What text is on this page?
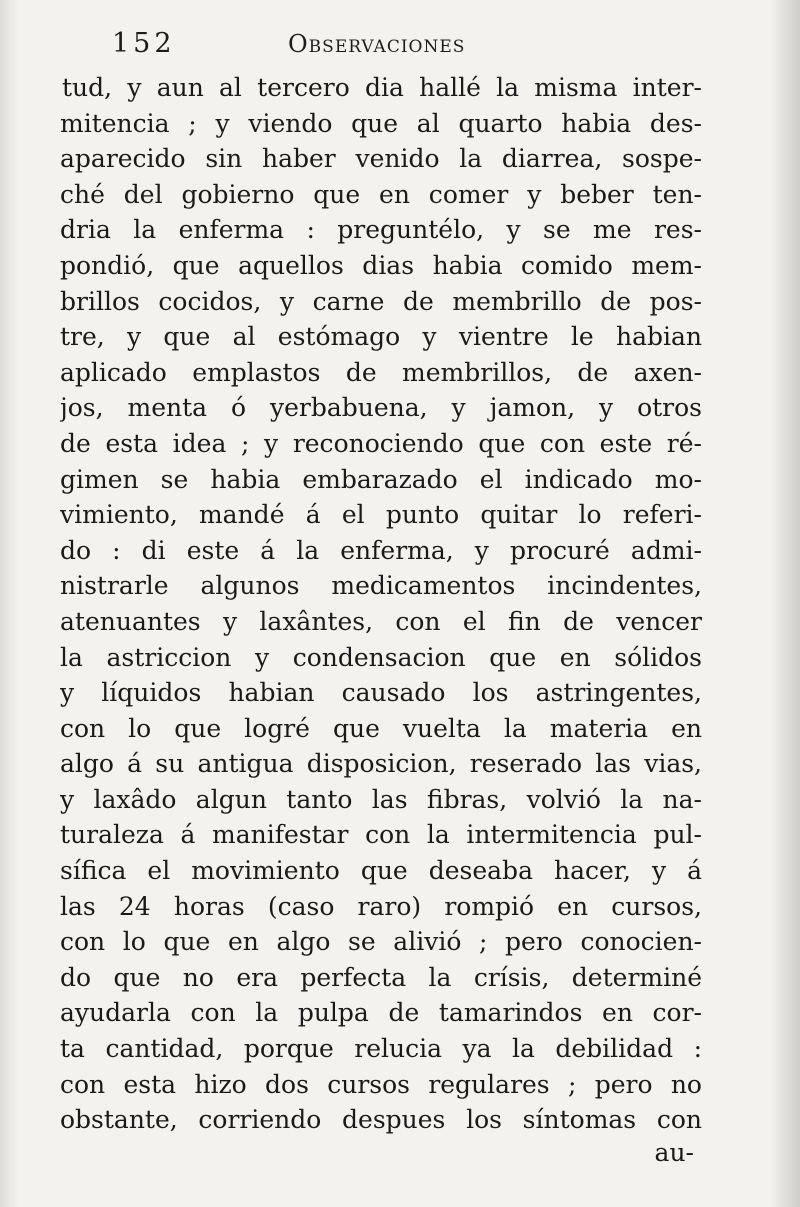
152	Observaciones
tud, y aun al tercero dia hallé la misma inter-
mitencia ; y viendo que al quarto habia des-
aparecido sin haber venido la diarrea, sospe-
ché del gobierno que en comer y beber ten-
dria la enferma : preguntélo, y se me res-
pondió, que aquellos dias habia comido mem-
brillos cocidos, y carne de membrillo de pos-
tre, y que al estómago y vientre le habian
aplicado emplastos de membrillos, de axen-
jos, menta ó yerbabuena, y jamon, y otros
de esta idea ; y reconociendo que con este ré-
gimen se habia embarazado el indicado mo-
vimiento, mandé á el punto quitar lo referi-
do : di este á la enferma, y procuré admi-
nistrarle algunos medicamentos incindentes,
atenuantes y laxântes, con el fin de vencer
la astriccion y condensacion que en sólidos
y líquidos habian causado los astringentes,
con lo que logré que vuelta la materia en
algo á su antigua disposicion, reserado las vias,
y laxâdo algun tanto las fibras, volvió la na-
turaleza á manifestar con la intermitencia pul-
sífica el movimiento que deseaba hacer, y á
las 24 horas (caso raro) rompió en cursos,
con lo que en algo se alivió ; pero conocien-
do que no era perfecta la crísis, determiné
ayudarla con la pulpa de tamarindos en cor-
ta cantidad, porque relucia ya la debilidad :
con esta hizo dos cursos regulares ; pero no
obstante, corriendo despues los síntomas con
au-
